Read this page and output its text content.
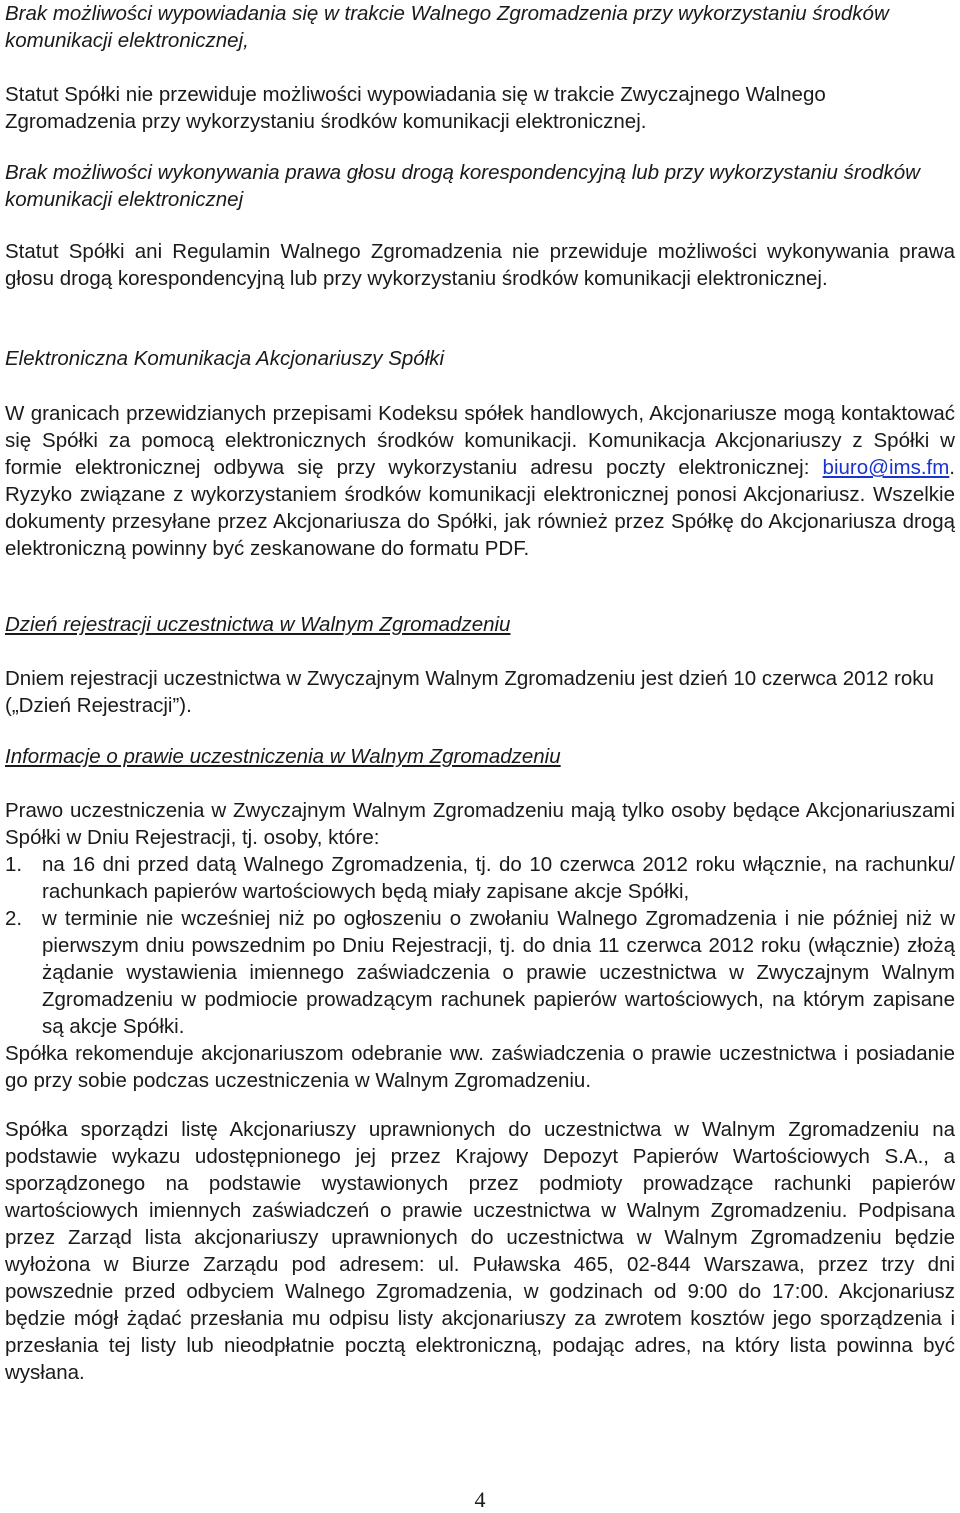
Brak możliwości wypowiadania się w trakcie Walnego Zgromadzenia przy wykorzystaniu środków komunikacji elektronicznej,

Statut Spółki nie przewiduje możliwości wypowiadania się w trakcie Zwyczajnego Walnego Zgromadzenia przy wykorzystaniu środków komunikacji elektronicznej.

Brak możliwości wykonywania prawa głosu drogą korespondencyjną lub przy wykorzystaniu środków komunikacji elektronicznej

Statut Spółki ani Regulamin Walnego Zgromadzenia nie przewiduje możliwości wykonywania prawa głosu drogą korespondencyjną lub przy wykorzystaniu środków komunikacji elektronicznej.

Elektroniczna Komunikacja Akcjonariuszy Spółki

W granicach przewidzianych przepisami Kodeksu spółek handlowych, Akcjonariusze mogą kontaktować się Spółki za pomocą elektronicznych środków komunikacji. Komunikacja Akcjonariuszy z Spółki w formie elektronicznej odbywa się przy wykorzystaniu adresu poczty elektronicznej: biuro@ims.fm. Ryzyko związane z wykorzystaniem środków komunikacji elektronicznej ponosi Akcjonariusz. Wszelkie dokumenty przesyłane przez Akcjonariusza do Spółki, jak również przez Spółkę do Akcjonariusza drogą elektroniczną powinny być zeskanowane do formatu PDF.

Dzień rejestracji uczestnictwa w Walnym Zgromadzeniu

Dniem rejestracji uczestnictwa w Zwyczajnym Walnym Zgromadzeniu jest dzień 10 czerwca 2012 roku („Dzień Rejestracji”).

Informacje o prawie uczestniczenia w Walnym Zgromadzeniu

Prawo uczestniczenia w Zwyczajnym Walnym Zgromadzeniu mają tylko osoby będące Akcjonariuszami Spółki w Dniu Rejestracji, tj. osoby, które:

1. na 16 dni przed datą Walnego Zgromadzenia, tj. do 10 czerwca 2012 roku włącznie, na rachunku/ rachunkach papierów wartościowych będą miały zapisane akcje Spółki,
2. w terminie nie wcześniej niż po ogłoszeniu o zwołaniu Walnego Zgromadzenia i nie później niż w pierwszym dniu powszednim po Dniu Rejestracji, tj. do dnia 11 czerwca 2012 roku (włącznie) złożą żądanie wystawienia imiennego zaświadczenia o prawie uczestnictwa w Zwyczajnym Walnym Zgromadzeniu w podmiocie prowadzącym rachunek papierów wartościowych, na którym zapisane są akcje Spółki.

Spółka rekomenduje akcjonariuszom odebranie ww. zaświadczenia o prawie uczestnictwa i posiadanie go przy sobie podczas uczestniczenia w Walnym Zgromadzeniu.

Spółka sporządzi listę Akcjonariuszy uprawnionych do uczestnictwa w Walnym Zgromadzeniu na podstawie wykazu udostępnionego jej przez Krajowy Depozyt Papierów Wartościowych S.A., a sporządzonego na podstawie wystawionych przez podmioty prowadzące rachunki papierów wartościowych imiennych zaświadczeń o prawie uczestnictwa w Walnym Zgromadzeniu. Podpisana przez Zarząd lista akcjonariuszy uprawnionych do uczestnictwa w Walnym Zgromadzeniu będzie wyłożona w Biurze Zarządu pod adresem: ul. Puławska 465, 02-844 Warszawa, przez trzy dni powszednie przed odbyciem Walnego Zgromadzenia, w godzinach od 9:00 do 17:00. Akcjonariusz będzie mógł żądać przesłania mu odpisu listy akcjonariuszy za zwrotem kosztów jego sporządzenia i przesłania tej listy lub nieodpłatnie pocztą elektroniczną, podając adres, na który lista powinna być wysłana.

4
